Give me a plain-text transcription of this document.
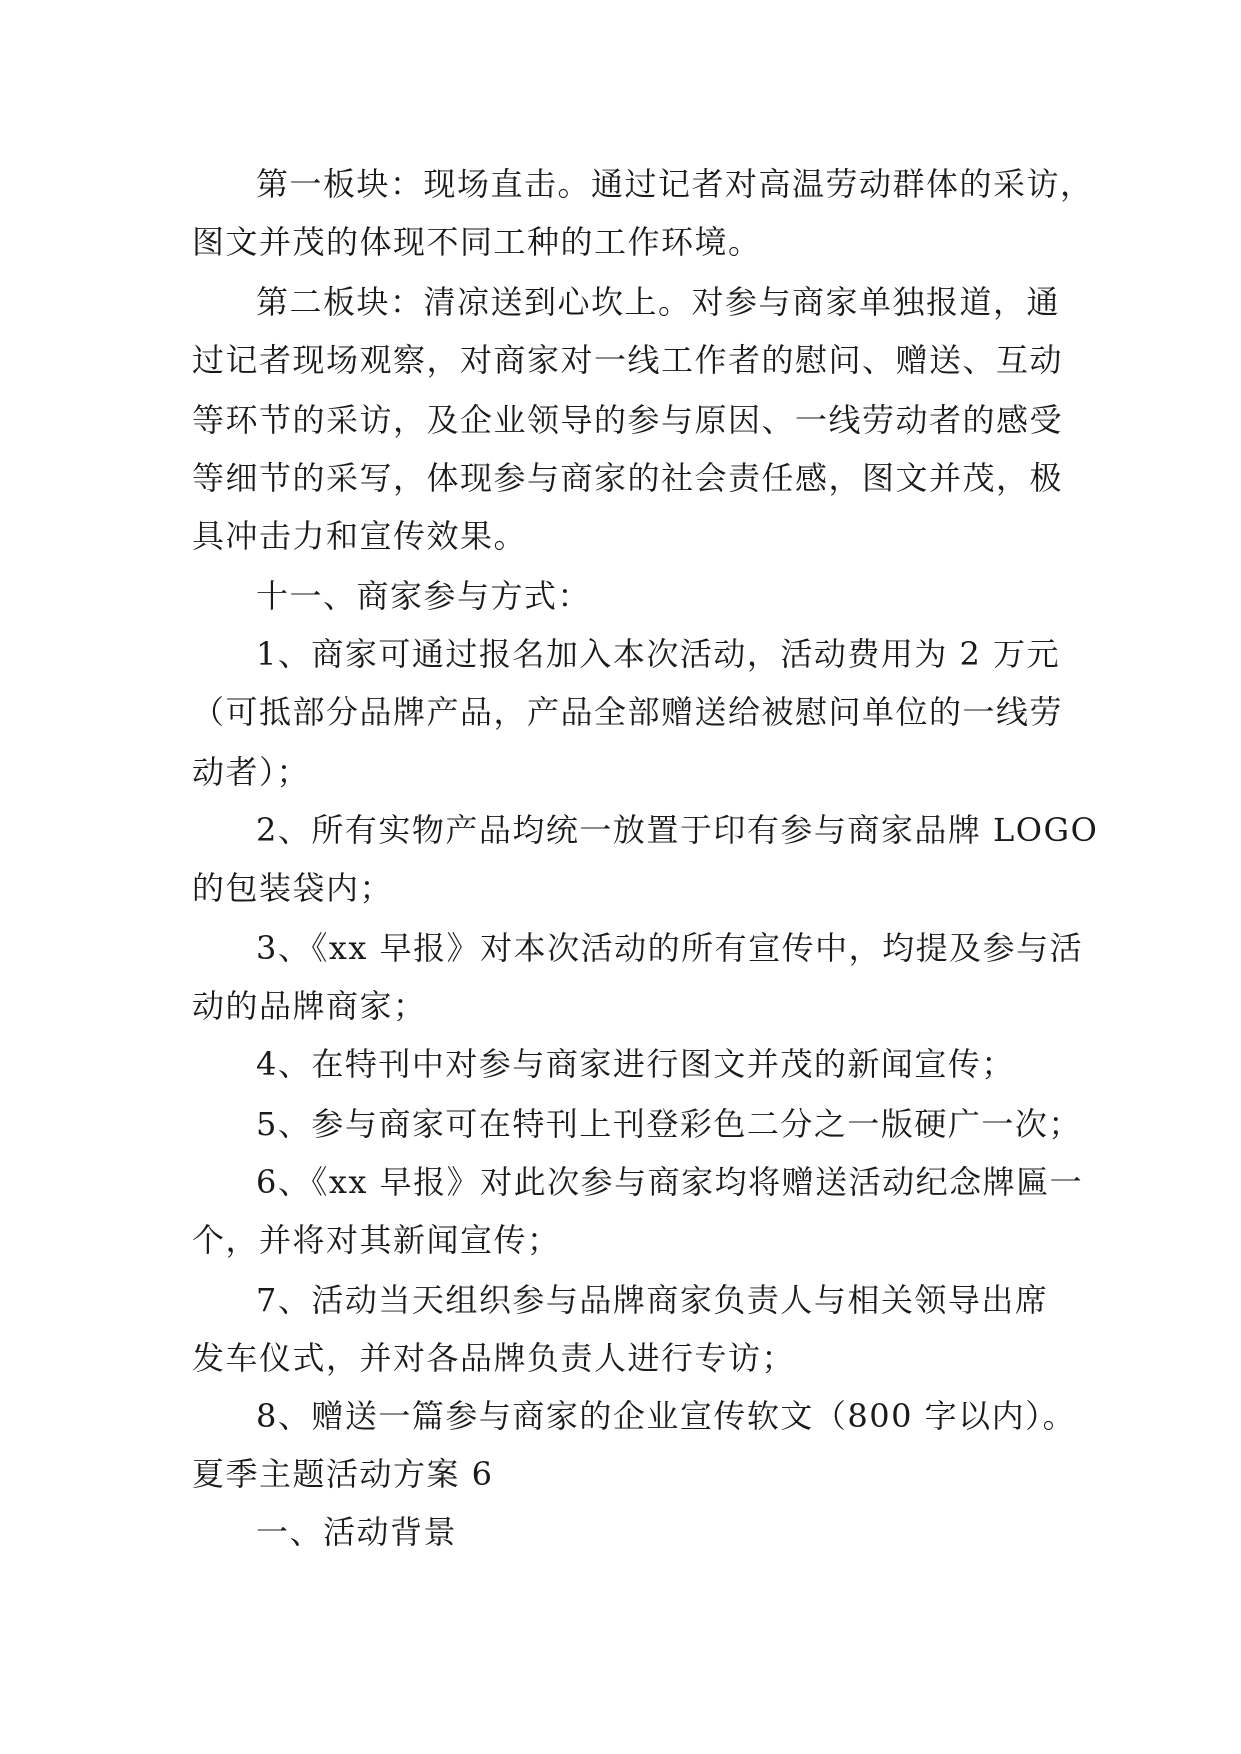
第一板块：现场直击。通过记者对高温劳动群体的采访，
图文并茂的体现不同工种的工作环境。
第二板块：清凉送到心坎上。对参与商家单独报道，通
过记者现场观察，对商家对一线工作者的慰问、赠送、互动
等环节的采访，及企业领导的参与原因、一线劳动者的感受
等细节的采写，体现参与商家的社会责任感，图文并茂，极
具冲击力和宣传效果。
十一、商家参与方式：
1、商家可通过报名加入本次活动，活动费用为 2 万元
（可抵部分品牌产品，产品全部赠送给被慰问单位的一线劳
动者）；
2、所有实物产品均统一放置于印有参与商家品牌 LOGO
的包装袋内；
3、《xx 早报》对本次活动的所有宣传中，均提及参与活
动的品牌商家；
4、在特刊中对参与商家进行图文并茂的新闻宣传；
5、参与商家可在特刊上刊登彩色二分之一版硬广一次；
6、《xx 早报》对此次参与商家均将赠送活动纪念牌匾一
个，并将对其新闻宣传；
7、活动当天组织参与品牌商家负责人与相关领导出席
发车仪式，并对各品牌负责人进行专访；
8、赠送一篇参与商家的企业宣传软文（800 字以内）。
夏季主题活动方案 6
一、活动背景
